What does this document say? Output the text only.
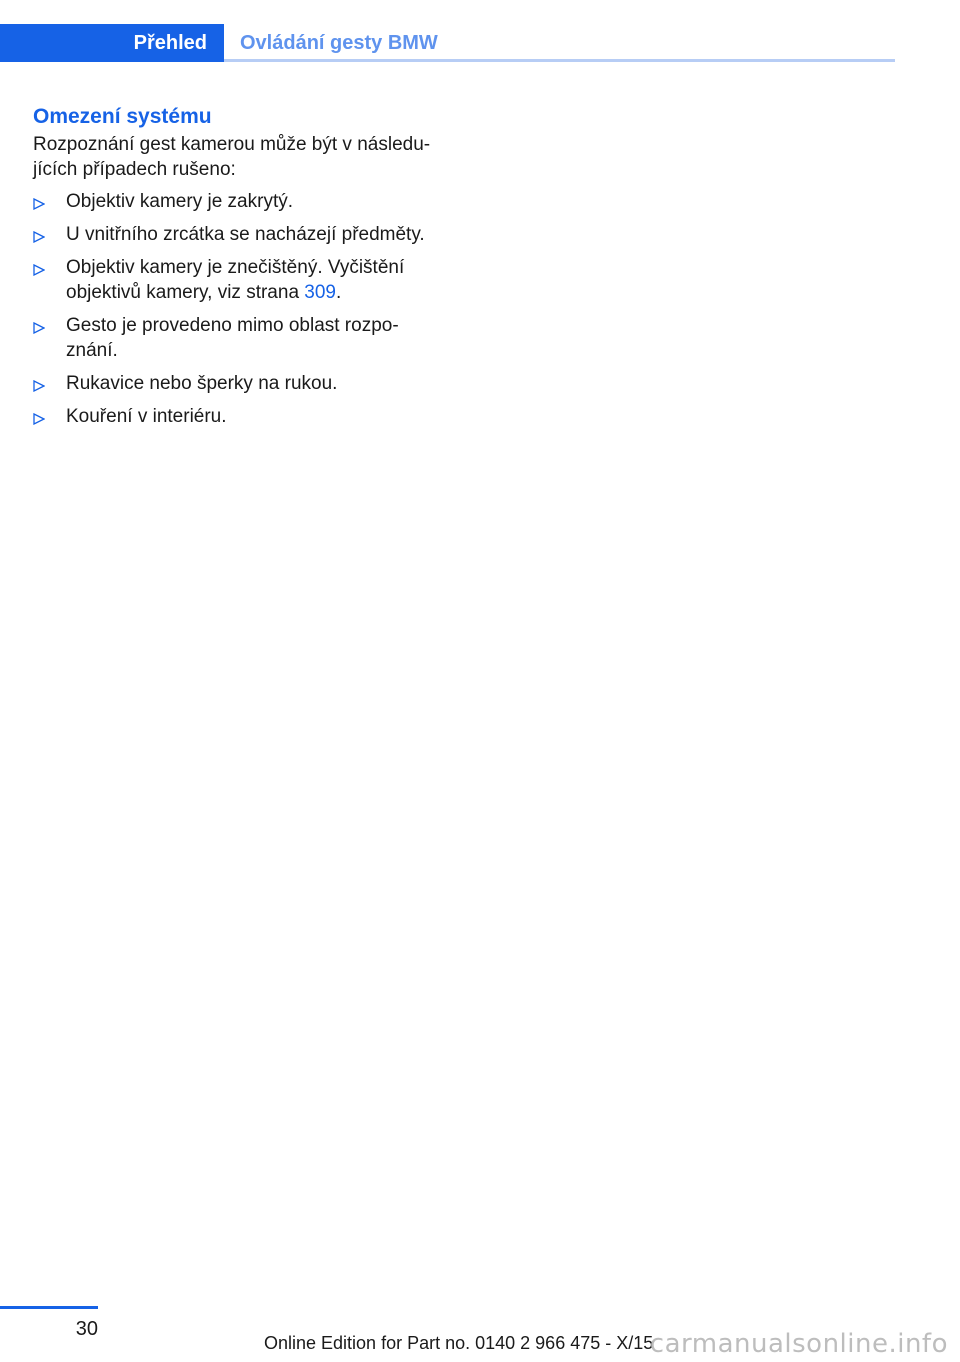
Přehled Ovládání gesty BMW
Omezení systému

Rozpoznání gest kamerou může být v následu-
jících případech rušeno:

Objektiv kamery je zakrytý.
U vnitřního zrcátka se nacházejí předměty.
Objektiv kamery je znečištěný. Vyčištění
objektivů kamery, viz strana 309.
Gesto je provedeno mimo oblast rozpo-
znání.
Rukavice nebo šperky na rukou.
Kouření v interiéru.
30
Online Edition for Part no. 0140 2 966 475 - X/15
carmanualsonline.info
